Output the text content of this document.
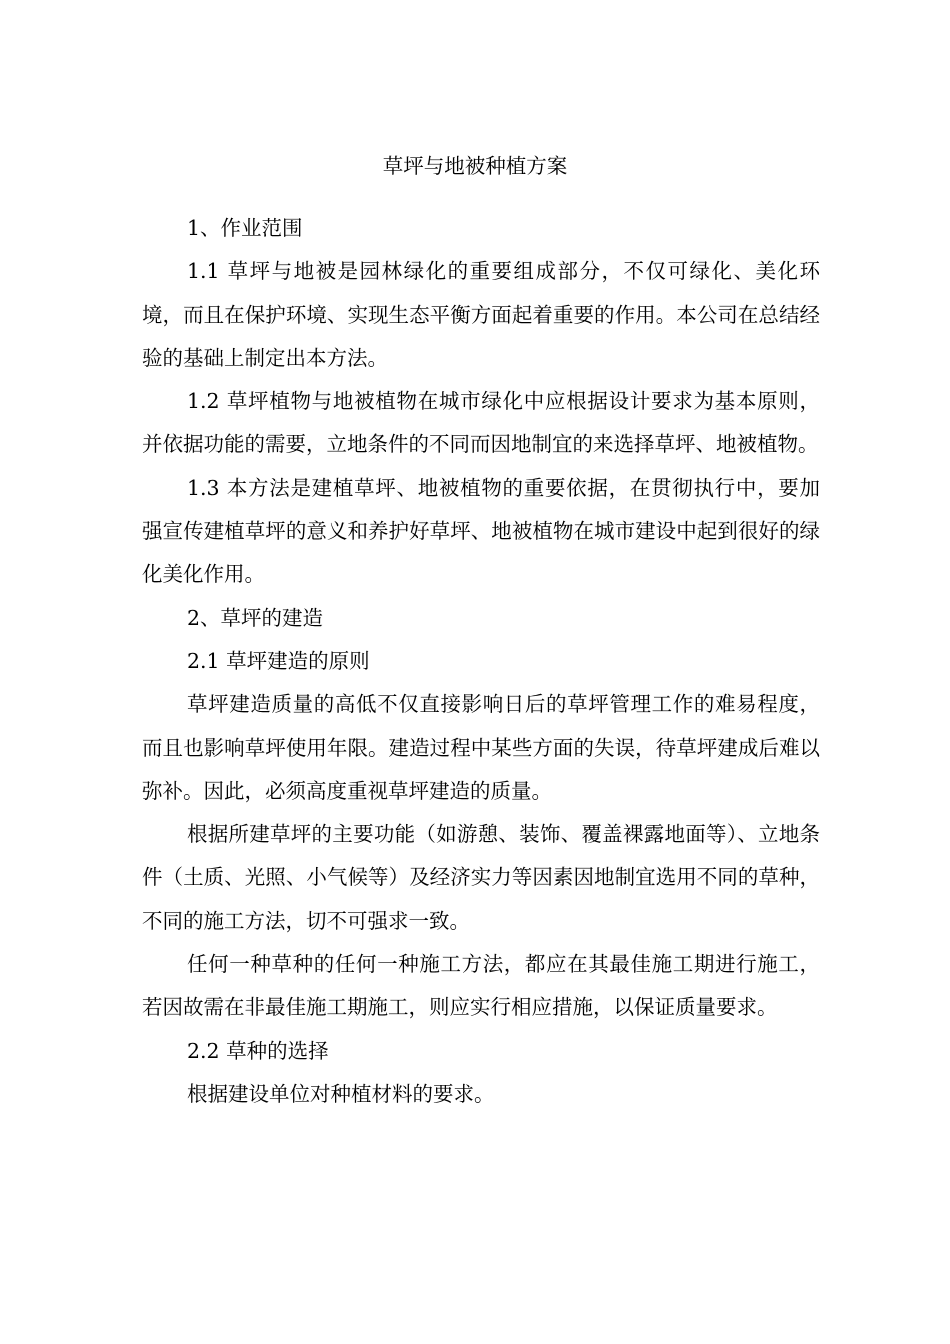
草坪与地被种植方案

1、作业范围

1.1 草坪与地被是园林绿化的重要组成部分，不仅可绿化、美化环境，而且在保护环境、实现生态平衡方面起着重要的作用。本公司在总结经验的基础上制定出本方法。

1.2 草坪植物与地被植物在城市绿化中应根据设计要求为基本原则，并依据功能的需要，立地条件的不同而因地制宜的来选择草坪、地被植物。

1.3 本方法是建植草坪、地被植物的重要依据，在贯彻执行中，要加强宣传建植草坪的意义和养护好草坪、地被植物在城市建设中起到很好的绿化美化作用。

2、草坪的建造

2.1 草坪建造的原则

草坪建造质量的高低不仅直接影响日后的草坪管理工作的难易程度，而且也影响草坪使用年限。建造过程中某些方面的失误，待草坪建成后难以弥补。因此，必须高度重视草坪建造的质量。

根据所建草坪的主要功能（如游憩、装饰、覆盖裸露地面等）、立地条件（土质、光照、小气候等）及经济实力等因素因地制宜选用不同的草种，不同的施工方法，切不可强求一致。

任何一种草种的任何一种施工方法，都应在其最佳施工期进行施工，若因故需在非最佳施工期施工，则应实行相应措施，以保证质量要求。

2.2 草种的选择

根据建设单位对种植材料的要求。
